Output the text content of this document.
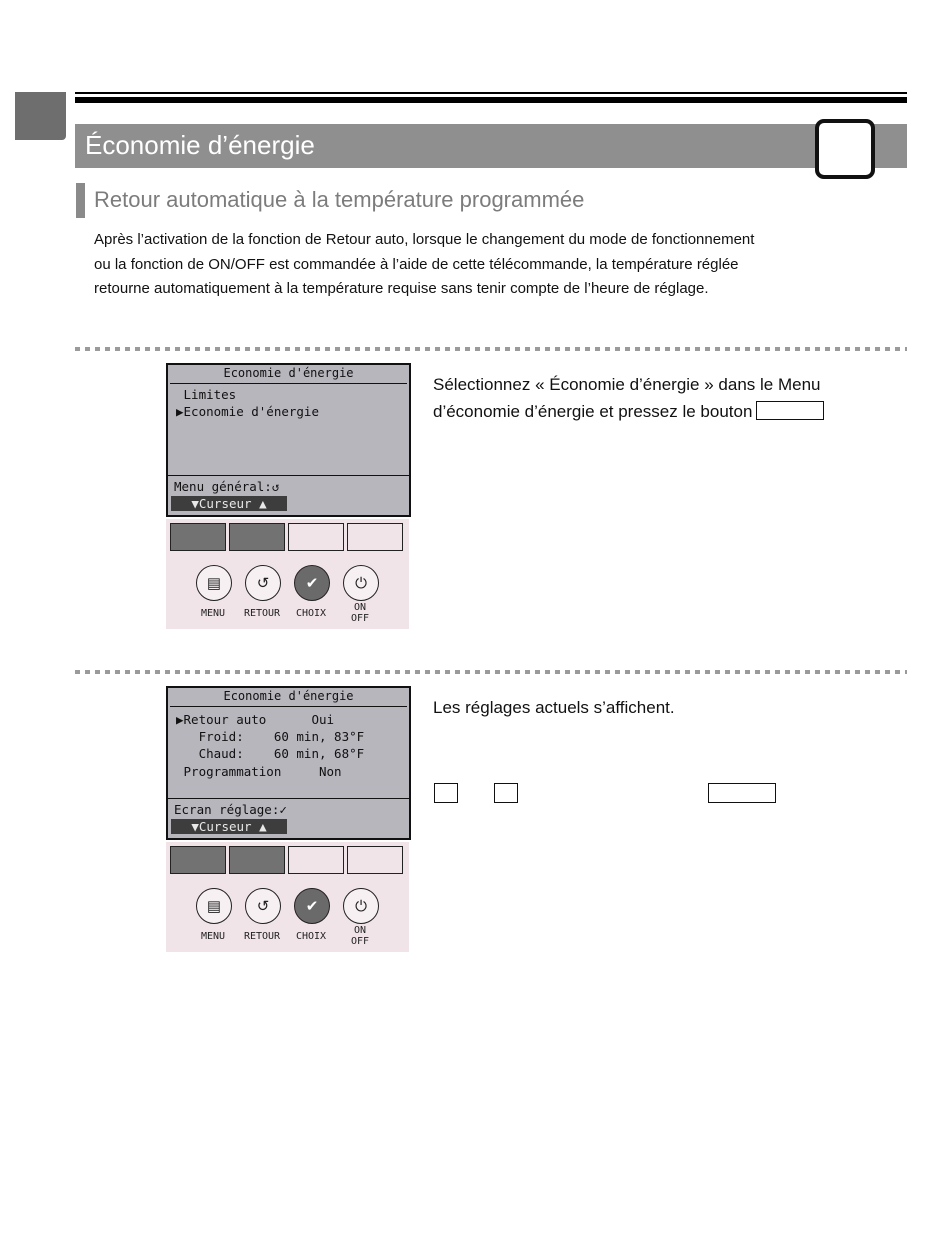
Économie d’énergie
Retour automatique à la température programmée

Après l’activation de la fonction de Retour auto, lorsque le changement du mode de fonctionnement

ou la fonction de ON/OFF est commandée à l’aide de cette télécommande, la température réglée

retourne automatiquement à la température requise sans tenir compte de l’heure de réglage.

Economie d'énergie
Limites
▶Economie d'énergie
Menu général:↺
▼Curseur ▲
▤ ↺ ✔ ⏻
MENU	RETOUR	CHOIX
ON
OFF

Sélectionnez « Économie d’énergie » dans le Menu

d’économie d’énergie et pressez le bouton

Economie d'énergie
▶Retour auto      Oui
Froid:    60 min, 83°F
Chaud:    60 min, 68°F
Programmation     Non
Ecran réglage:✓
▼Curseur ▲
▤ ↺ ✔ ⏻
MENU	RETOUR	CHOIX
ON
OFF

Les réglages actuels s’affichent.
